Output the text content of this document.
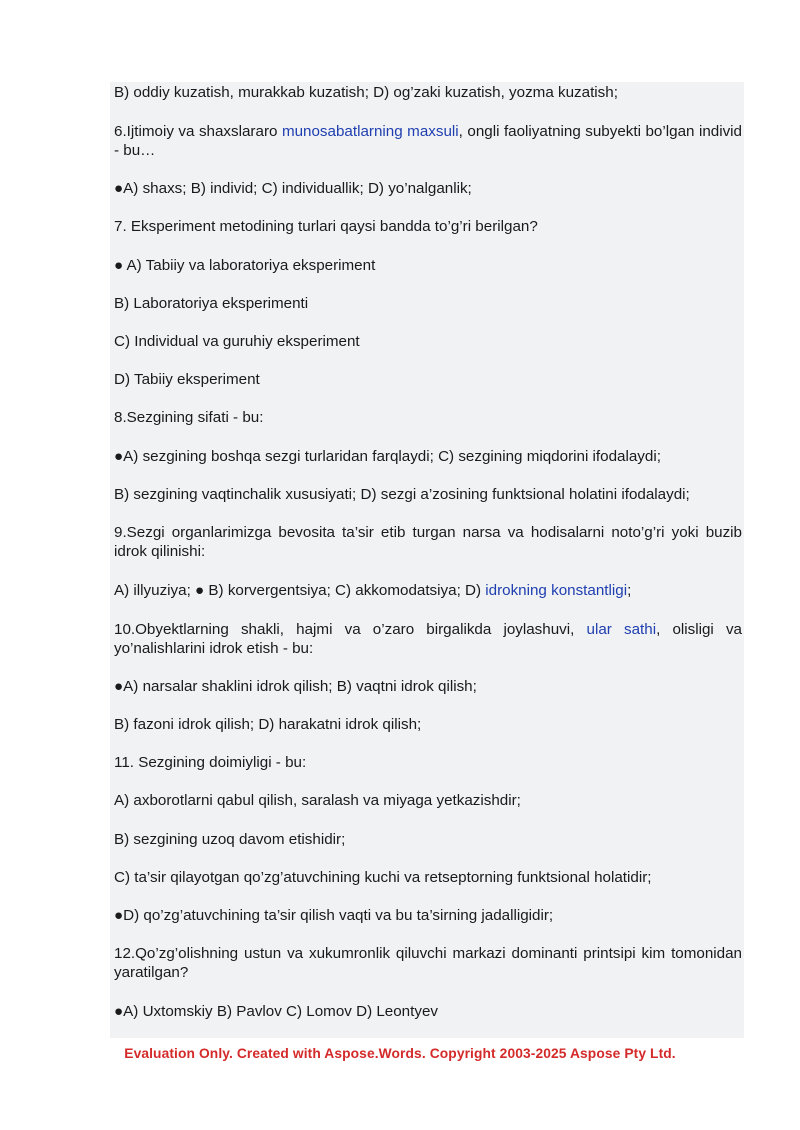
B) oddiy kuzatish, murakkab kuzatish; D) og’zaki kuzatish, yozma kuzatish;
6.Ijtimoiy va shaxslararo munosabatlarning maxsuli, ongli faoliyatning subyekti bo’lgan individ - bu…
●A) shaxs; B) individ; C) individuallik; D) yo’nalganlik;
7. Eksperiment metodining turlari qaysi bandda to’g’ri berilgan?
● A) Tabiiy va laboratoriya eksperiment
B) Laboratoriya eksperimenti
C) Individual va guruhiy eksperiment
D) Tabiiy eksperiment
8.Sezgining sifati - bu:
●A) sezgining boshqa sezgi turlaridan farqlaydi; C) sezgining miqdorini ifodalaydi;
B) sezgining vaqtinchalik xususiyati; D) sezgi a’zosining funktsional holatini ifodalaydi;
9.Sezgi organlarimizga bevosita ta’sir etib turgan narsa va hodisalarni noto’g’ri yoki buzib idrok qilinishi:
A) illyuziya; ● B) korvergentsiya; C) akkomodatsiya; D) idrokning konstantligi;
10.Obyektlarning shakli, hajmi va o’zaro birgalikda joylashuvi, ular sathi, olisligi va yo’nalishlarini idrok etish - bu:
●A) narsalar shaklini idrok qilish; B) vaqtni idrok qilish;
B) fazoni idrok qilish; D) harakatni idrok qilish;
11. Sezgining doimiyligi - bu:
A) axborotlarni qabul qilish, saralash va miyaga yetkazishdir;
B) sezgining uzoq davom etishidir;
C) ta’sir qilayotgan qo’zg’atuvchining kuchi va retseptorning funktsional holatidir;
●D) qo’zg’atuvchining ta’sir qilish vaqti va bu ta’sirning jadalligidir;
12.Qo’zg’olishning ustun va xukumronlik qiluvchi markazi dominanti printsipi kim tomonidan yaratilgan?
●A) Uxtomskiy B) Pavlov C) Lomov D) Leontyev
Evaluation Only. Created with Aspose.Words. Copyright 2003-2025 Aspose Pty Ltd.
